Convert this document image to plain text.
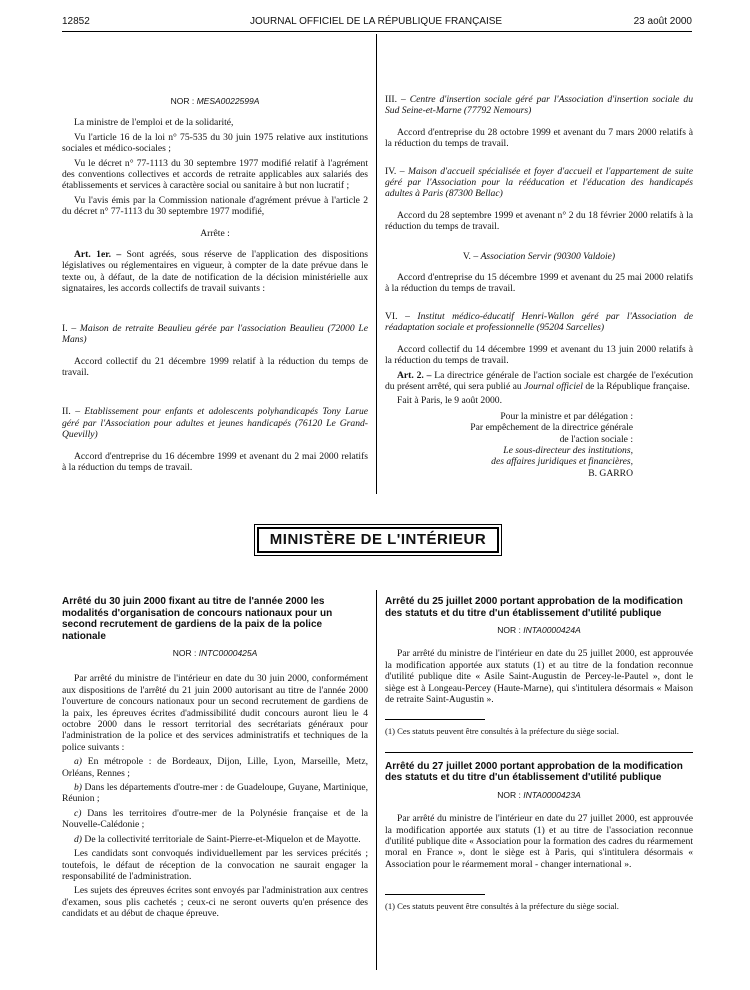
12852	JOURNAL OFFICIEL DE LA RÉPUBLIQUE FRANÇAISE	23 août 2000

NOR : MESA0022599A

La ministre de l'emploi et de la solidarité,

Vu l'article 16 de la loi n° 75-535 du 30 juin 1975 relative aux institutions sociales et médico-sociales ;

Vu le décret n° 77-1113 du 30 septembre 1977 modifié relatif à l'agrément des conventions collectives et accords de retraite applicables aux salariés des établissements et services à caractère social ou sanitaire à but non lucratif ;

Vu l'avis émis par la Commission nationale d'agrément prévue à l'article 2 du décret n° 77-1113 du 30 septembre 1977 modifié,

Arrête :

Art. 1er. – Sont agréés, sous réserve de l'application des dispositions législatives ou réglementaires en vigueur, à compter de la date prévue dans le texte ou, à défaut, de la date de notification de la décision ministérielle aux signataires, les accords collectifs de travail suivants :

I. – Maison de retraite Beaulieu gérée par l'association Beaulieu (72000 Le Mans)

Accord collectif du 21 décembre 1999 relatif à la réduction du temps de travail.

II. – Etablissement pour enfants et adolescents polyhandicapés Tony Larue géré par l'Association pour adultes et jeunes handicapés (76120 Le Grand-Quevilly)

Accord d'entreprise du 16 décembre 1999 et avenant du 2 mai 2000 relatifs à la réduction du temps de travail.

III. – Centre d'insertion sociale géré par l'Association d'insertion sociale du Sud Seine-et-Marne (77792 Nemours)

Accord d'entreprise du 28 octobre 1999 et avenant du 7 mars 2000 relatifs à la réduction du temps de travail.

IV. – Maison d'accueil spécialisée et foyer d'accueil et l'appartement de suite géré par l'Association pour la rééducation et l'éducation des handicapés adultes à Paris (87300 Bellac)

Accord du 28 septembre 1999 et avenant n° 2 du 18 février 2000 relatifs à la réduction du temps de travail.

V. – Association Servir (90300 Valdoie)

Accord d'entreprise du 15 décembre 1999 et avenant du 25 mai 2000 relatifs à la réduction du temps de travail.

VI. – Institut médico-éducatif Henri-Wallon géré par l'Association de réadaptation sociale et professionnelle (95204 Sarcelles)

Accord collectif du 14 décembre 1999 et avenant du 13 juin 2000 relatifs à la réduction du temps de travail.

Art. 2. – La directrice générale de l'action sociale est chargée de l'exécution du présent arrêté, qui sera publié au Journal officiel de la République française.

Fait à Paris, le 9 août 2000.

Pour la ministre et par délégation :

Par empêchement de la directrice générale

de l'action sociale :

Le sous-directeur des institutions,

des affaires juridiques et financières,

B. GARRO

MINISTÈRE DE L'INTÉRIEUR

Arrêté du 30 juin 2000 fixant au titre de l'année 2000 les modalités d'organisation de concours nationaux pour un second recrutement de gardiens de la paix de la police nationale

NOR : INTC0000425A

Par arrêté du ministre de l'intérieur en date du 30 juin 2000, conformément aux dispositions de l'arrêté du 21 juin 2000 autorisant au titre de l'année 2000 l'ouverture de concours nationaux pour un second recrutement de gardiens de la paix, les épreuves écrites d'admissibilité dudit concours auront lieu le 4 octobre 2000 dans le ressort territorial des secrétariats généraux pour l'administration de la police et des services administratifs et techniques de la police suivants :

a) En métropole : de Bordeaux, Dijon, Lille, Lyon, Marseille, Metz, Orléans, Rennes ;

b) Dans les départements d'outre-mer : de Guadeloupe, Guyane, Martinique, Réunion ;

c) Dans les territoires d'outre-mer de la Polynésie française et de la Nouvelle-Calédonie ;

d) De la collectivité territoriale de Saint-Pierre-et-Miquelon et de Mayotte.

Les candidats sont convoqués individuellement par les services précités ; toutefois, le défaut de réception de la convocation ne saurait engager la responsabilité de l'administration.

Les sujets des épreuves écrites sont envoyés par l'administration aux centres d'examen, sous plis cachetés ; ceux-ci ne seront ouverts qu'en présence des candidats et au début de chaque épreuve.

Arrêté du 25 juillet 2000 portant approbation de la modification des statuts et du titre d'un établissement d'utilité publique

NOR : INTA0000424A

Par arrêté du ministre de l'intérieur en date du 25 juillet 2000, est approuvée la modification apportée aux statuts (1) et au titre de la fondation reconnue d'utilité publique dite « Asile Saint-Augustin de Percey-le-Pautel », dont le siège est à Longeau-Percey (Haute-Marne), qui s'intitulera désormais « Maison de retraite Saint-Augustin ».

(1) Ces statuts peuvent être consultés à la préfecture du siège social.

Arrêté du 27 juillet 2000 portant approbation de la modification des statuts et du titre d'un établissement d'utilité publique

NOR : INTA0000423A

Par arrêté du ministre de l'intérieur en date du 27 juillet 2000, est approuvée la modification apportée aux statuts (1) et au titre de l'association reconnue d'utilité publique dite « Association pour la formation des cadres du réarmement moral en France », dont le siège est à Paris, qui s'intitulera désormais « Association pour le réarmement moral - changer international ».

(1) Ces statuts peuvent être consultés à la préfecture du siège social.
